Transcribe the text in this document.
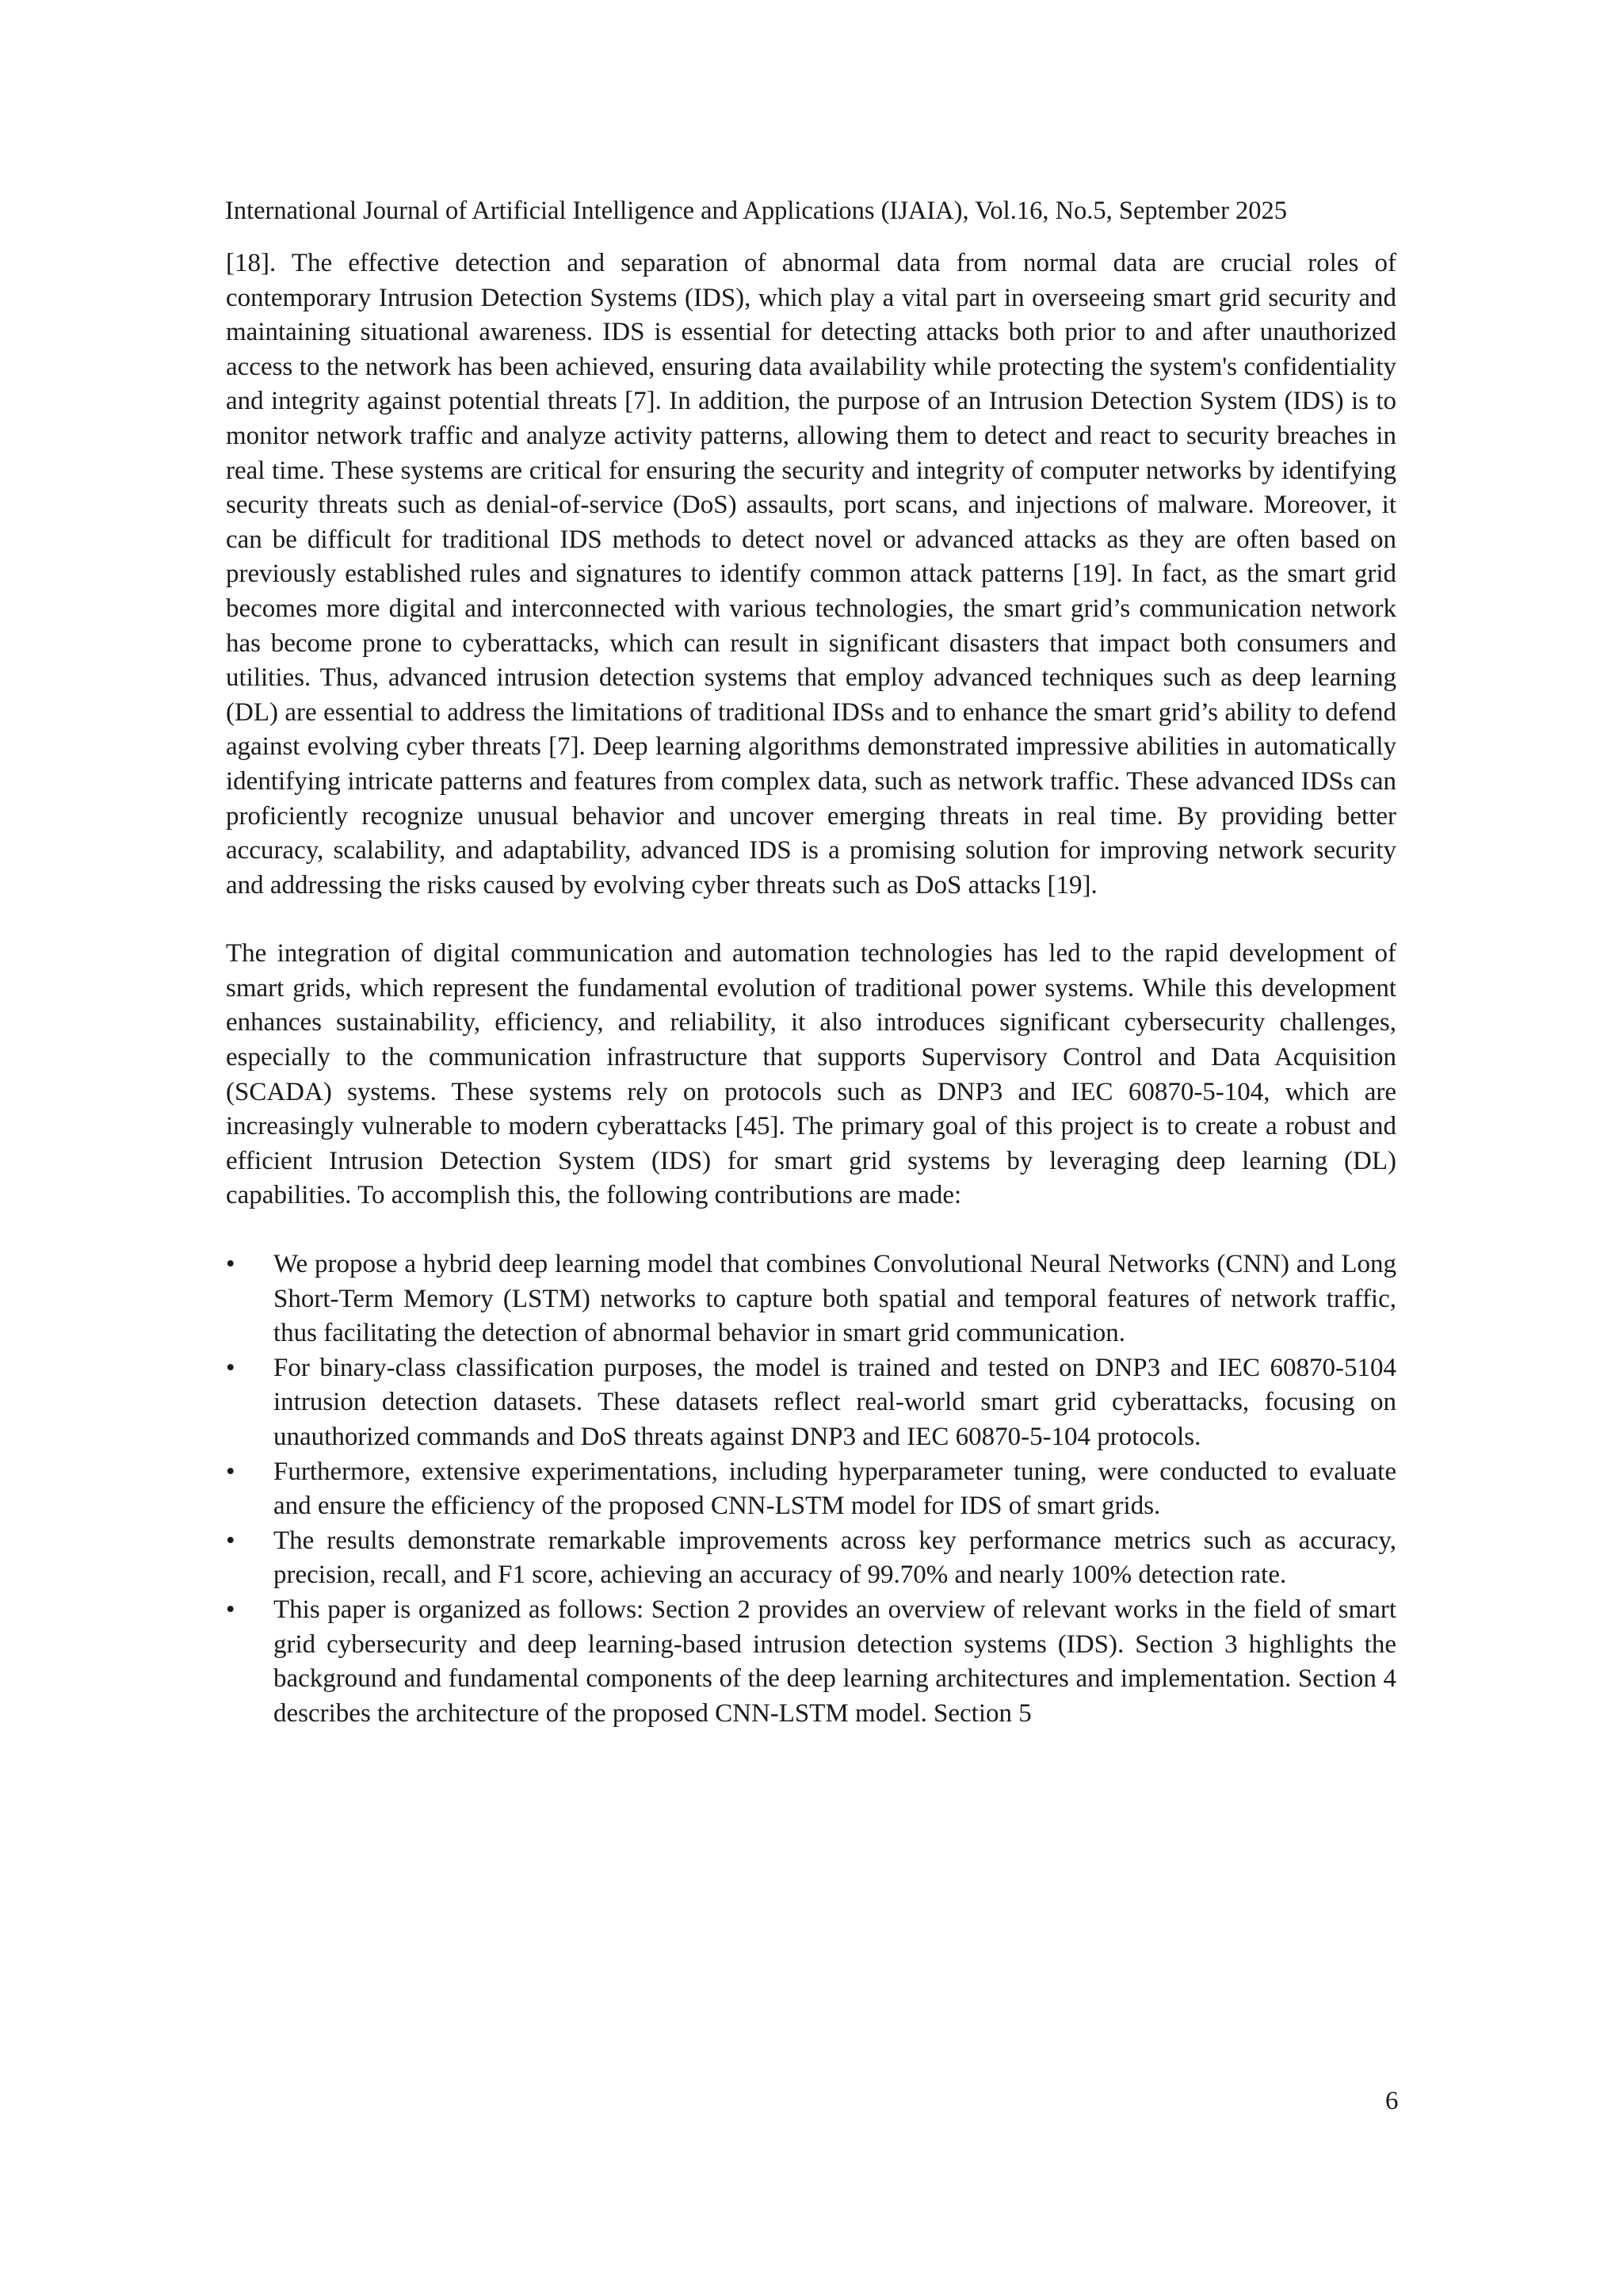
International Journal of Artificial Intelligence and Applications (IJAIA), Vol.16, No.5, September 2025

[18]. The effective detection and separation of abnormal data from normal data are crucial roles of contemporary Intrusion Detection Systems (IDS), which play a vital part in overseeing smart grid security and maintaining situational awareness. IDS is essential for detecting attacks both prior to and after unauthorized access to the network has been achieved, ensuring data availability while protecting the system's confidentiality and integrity against potential threats [7]. In addition, the purpose of an Intrusion Detection System (IDS) is to monitor network traffic and analyze activity patterns, allowing them to detect and react to security breaches in real time. These systems are critical for ensuring the security and integrity of computer networks by identifying security threats such as denial-of-service (DoS) assaults, port scans, and injections of malware. Moreover, it can be difficult for traditional IDS methods to detect novel or advanced attacks as they are often based on previously established rules and signatures to identify common attack patterns [19]. In fact, as the smart grid becomes more digital and interconnected with various technologies, the smart grid’s communication network has become prone to cyberattacks, which can result in significant disasters that impact both consumers and utilities. Thus, advanced intrusion detection systems that employ advanced techniques such as deep learning (DL) are essential to address the limitations of traditional IDSs and to enhance the smart grid’s ability to defend against evolving cyber threats [7]. Deep learning algorithms demonstrated impressive abilities in automatically identifying intricate patterns and features from complex data, such as network traffic. These advanced IDSs can proficiently recognize unusual behavior and uncover emerging threats in real time. By providing better accuracy, scalability, and adaptability, advanced IDS is a promising solution for improving network security and addressing the risks caused by evolving cyber threats such as DoS attacks [19].

The integration of digital communication and automation technologies has led to the rapid development of smart grids, which represent the fundamental evolution of traditional power systems. While this development enhances sustainability, efficiency, and reliability, it also introduces significant cybersecurity challenges, especially to the communication infrastructure that supports Supervisory Control and Data Acquisition (SCADA) systems. These systems rely on protocols such as DNP3 and IEC 60870-5-104, which are increasingly vulnerable to modern cyberattacks [45]. The primary goal of this project is to create a robust and efficient Intrusion Detection System (IDS) for smart grid systems by leveraging deep learning (DL) capabilities. To accomplish this, the following contributions are made:

• We propose a hybrid deep learning model that combines Convolutional Neural Networks (CNN) and Long Short-Term Memory (LSTM) networks to capture both spatial and temporal features of network traffic, thus facilitating the detection of abnormal behavior in smart grid communication.
• For binary-class classification purposes, the model is trained and tested on DNP3 and IEC 60870-5104 intrusion detection datasets. These datasets reflect real-world smart grid cyberattacks, focusing on unauthorized commands and DoS threats against DNP3 and IEC 60870-5-104 protocols.
• Furthermore, extensive experimentations, including hyperparameter tuning, were conducted to evaluate and ensure the efficiency of the proposed CNN-LSTM model for IDS of smart grids.
• The results demonstrate remarkable improvements across key performance metrics such as accuracy, precision, recall, and F1 score, achieving an accuracy of 99.70% and nearly 100% detection rate.
• This paper is organized as follows: Section 2 provides an overview of relevant works in the field of smart grid cybersecurity and deep learning-based intrusion detection systems (IDS). Section 3 highlights the background and fundamental components of the deep learning architectures and implementation. Section 4 describes the architecture of the proposed CNN-LSTM model. Section 5
6
